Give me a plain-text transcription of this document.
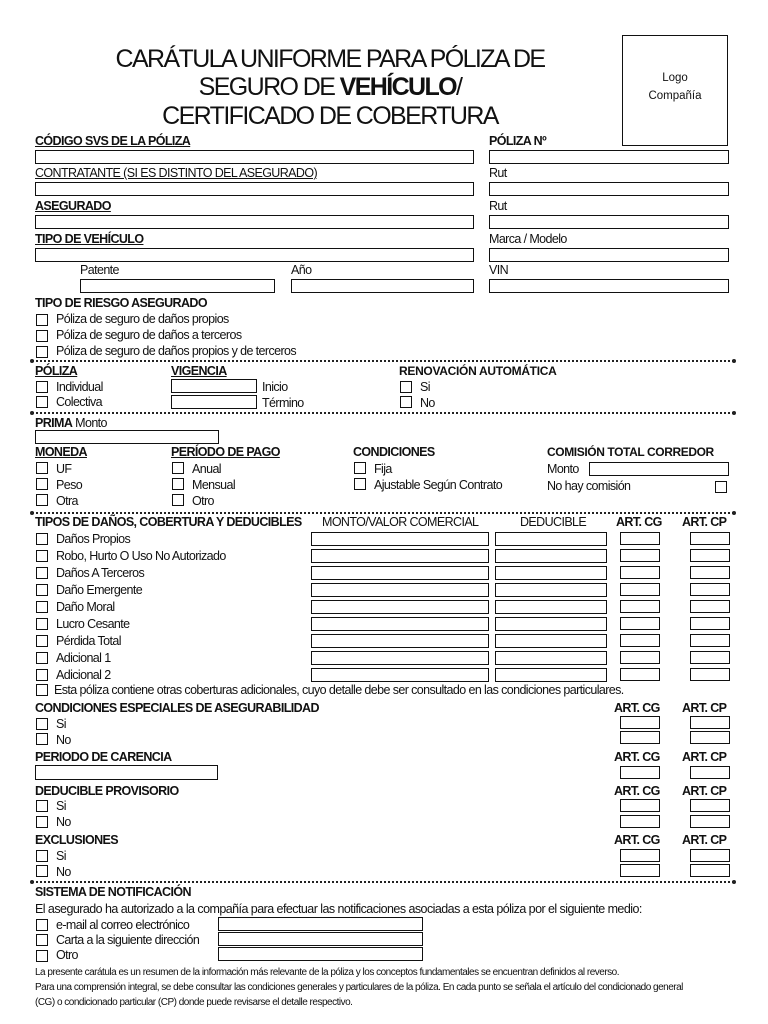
CARÁTULA UNIFORME PARA PÓLIZA DE
SEGURO DE VEHÍCULO/
CERTIFICADO DE COBERTURA
Logo
Compañía
CÓDIGO SVS DE LA PÓLIZA	PÓLIZA Nº
CONTRATANTE (SI ES DISTINTO DEL ASEGURADO)	Rut
ASEGURADO	Rut
TIPO DE VEHÍCULO	Marca / Modelo
Patente	Año	VIN
TIPO DE RIESGO ASEGURADO
Póliza de seguro de daños propios
Póliza de seguro de daños a terceros
Póliza de seguro de daños propios y de terceros
PÓLIZA
Individual
Colectiva
VIGENCIA
Inicio
Término
RENOVACIÓN AUTOMÁTICA
Si
No
PRIMA Monto
MONEDA
UF
Peso
Otra
PERÍODO DE PAGO
Anual
Mensual
Otro
CONDICIONES
Fija
Ajustable Según Contrato
COMISIÓN TOTAL CORREDOR
Monto
No hay comisión
TIPOS DE DAÑOS, COBERTURA Y DEDUCIBLES MONTO/VALOR COMERCIAL	DEDUCIBLE ART. CG ART. CP
Daños Propios
Robo, Hurto O Uso No Autorizado
Daños A Terceros
Daño Emergente
Daño Moral
Lucro Cesante
Pérdida Total
Adicional 1
Adicional 2
Esta póliza contiene otras coberturas adicionales, cuyo detalle debe ser consultado en las condiciones particulares.
CONDICIONES ESPECIALES DE ASEGURABILIDAD	ART. CG ART. CP
Si
No
PERIODO DE CARENCIA	ART. CG ART. CP
DEDUCIBLE PROVISORIO	ART. CG ART. CP
Si
No
EXCLUSIONES	ART. CG ART. CP
Si
No
SISTEMA DE NOTIFICACIÓN
El asegurado ha autorizado a la compañía para efectuar las notificaciones asociadas a esta póliza por el siguiente medio:
e-mail al correo electrónico
Carta a la siguiente dirección
Otro
La presente carátula es un resumen de la información más relevante de la póliza y los conceptos fundamentales se encuentran definidos al reverso.
Para una comprensión integral, se debe consultar las condiciones generales y particulares de la póliza. En cada punto se señala el artículo del condicionado general
(CG) o condicionado particular (CP) donde puede revisarse el detalle respectivo.
